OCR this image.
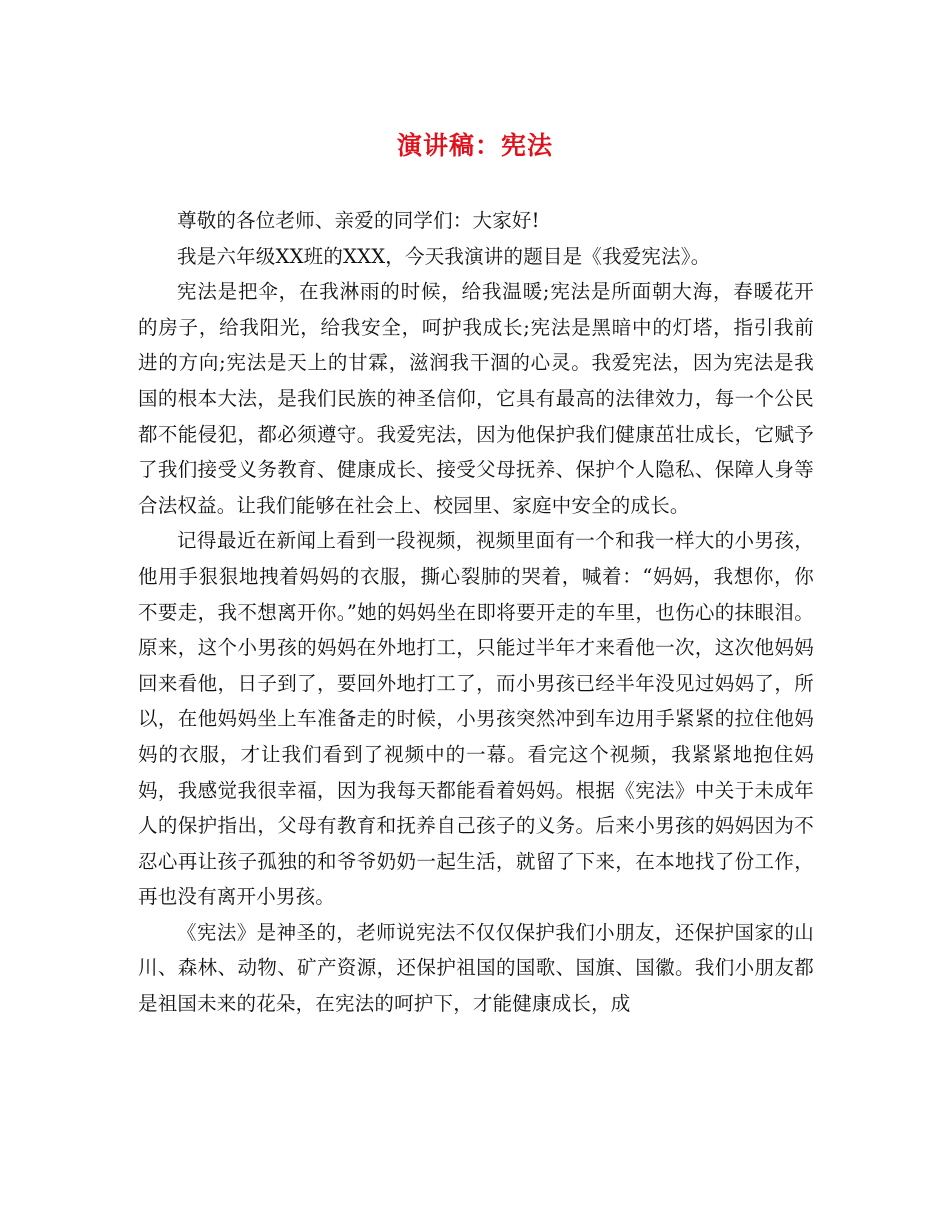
演讲稿：宪法

尊敬的各位老师、亲爱的同学们：大家好!

我是六年级XX班的XXX，今天我演讲的题目是《我爱宪法》。

宪法是把伞，在我淋雨的时候，给我温暖;宪法是所面朝大海，春暖花开的房子，给我阳光，给我安全，呵护我成长;宪法是黑暗中的灯塔，指引我前进的方向;宪法是天上的甘霖，滋润我干涸的心灵。我爱宪法，因为宪法是我国的根本大法，是我们民族的神圣信仰，它具有最高的法律效力，每一个公民都不能侵犯，都必须遵守。我爱宪法，因为他保护我们健康茁壮成长，它赋予了我们接受义务教育、健康成长、接受父母抚养、保护个人隐私、保障人身等合法权益。让我们能够在社会上、校园里、家庭中安全的成长。

记得最近在新闻上看到一段视频，视频里面有一个和我一样大的小男孩，他用手狠狠地拽着妈妈的衣服，撕心裂肺的哭着，喊着：“妈妈，我想你，你不要走，我不想离开你。”她的妈妈坐在即将要开走的车里，也伤心的抹眼泪。原来，这个小男孩的妈妈在外地打工，只能过半年才来看他一次，这次他妈妈回来看他，日子到了，要回外地打工了，而小男孩已经半年没见过妈妈了，所以，在他妈妈坐上车准备走的时候，小男孩突然冲到车边用手紧紧的拉住他妈妈的衣服，才让我们看到了视频中的一幕。看完这个视频，我紧紧地抱住妈妈，我感觉我很幸福，因为我每天都能看着妈妈。根据《宪法》中关于未成年人的保护指出，父母有教育和抚养自己孩子的义务。后来小男孩的妈妈因为不忍心再让孩子孤独的和爷爷奶奶一起生活，就留了下来，在本地找了份工作，再也没有离开小男孩。

《宪法》是神圣的，老师说宪法不仅仅保护我们小朋友，还保护国家的山川、森林、动物、矿产资源，还保护祖国的国歌、国旗、国徽。我们小朋友都是祖国未来的花朵，在宪法的呵护下，才能健康成长，成
